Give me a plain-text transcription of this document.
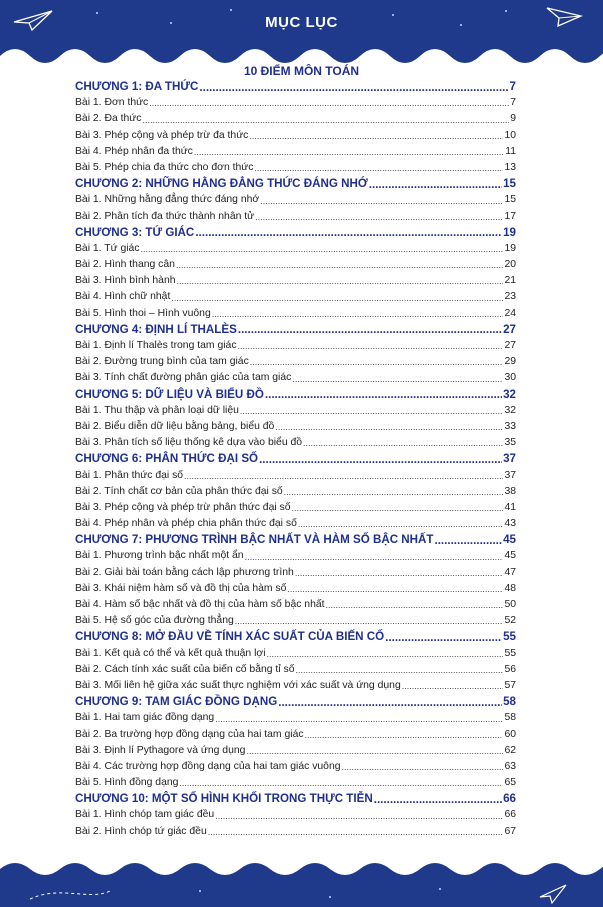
MỤC LỤC
10 ĐIỂM MÔN TOÁN
CHƯƠNG 1: ĐA THỨC .....	7
Bài 1. Đơn thức .....	7
Bài 2. Đa thức .....	9
Bài 3. Phép cộng và phép trừ đa thức .....	10
Bài 4. Phép nhân đa thức .....	11
Bài 5. Phép chia đa thức cho đơn thức .....	13
CHƯƠNG 2: NHỮNG HẰNG ĐẲNG THỨC ĐÁNG NHỚ .....	15
Bài 1. Những hằng đẳng thức đáng nhớ .....	15
Bài 2. Phân tích đa thức thành nhân tử .....	17
CHƯƠNG 3: TỨ GIÁC .....	19
Bài 1. Tứ giác .....	19
Bài 2. Hình thang cân .....	20
Bài 3. Hình bình hành .....	21
Bài 4. Hình chữ nhật .....	23
Bài 5. Hình thoi – Hình vuông .....	24
CHƯƠNG 4: ĐỊNH LÍ THALÈS .....	27
Bài 1. Định lí Thalès trong tam giác .....	27
Bài 2. Đường trung bình của tam giác .....	29
Bài 3. Tính chất đường phân giác của tam giác .....	30
CHƯƠNG 5: DỮ LIỆU VÀ BIỂU ĐỒ .....	32
Bài 1. Thu thập và phân loại dữ liệu .....	32
Bài 2. Biểu diễn dữ liệu bằng bảng, biểu đồ .....	33
Bài 3. Phân tích số liệu thống kê dựa vào biểu đồ .....	35
CHƯƠNG 6: PHÂN THỨC ĐẠI SỐ .....	37
Bài 1. Phân thức đại số .....	37
Bài 2. Tính chất cơ bản của phân thức đại số .....	38
Bài 3. Phép cộng và phép trừ phân thức đại số .....	41
Bài 4. Phép nhân và phép chia phân thức đại số .....	43
CHƯƠNG 7: PHƯƠNG TRÌNH BẬC NHẤT VÀ HÀM SỐ BẬC NHẤT .....	45
Bài 1. Phương trình bậc nhất một ẩn .....	45
Bài 2. Giải bài toán bằng cách lập phương trình .....	47
Bài 3. Khái niệm hàm số và đồ thị của hàm số .....	48
Bài 4. Hàm số bậc nhất và đồ thị của hàm số bậc nhất .....	50
Bài 5. Hệ số góc của đường thẳng .....	52
CHƯƠNG 8: MỞ ĐẦU VỀ TÍNH XÁC SUẤT CỦA BIẾN CỐ .....	55
Bài 1. Kết quả có thể và kết quả thuận lợi .....	55
Bài 2. Cách tính xác suất của biến cố bằng tỉ số .....	56
Bài 3. Mối liên hệ giữa xác suất thực nghiệm với xác suất và ứng dụng .....	57
CHƯƠNG 9: TAM GIÁC ĐỒNG DẠNG .....	58
Bài 1. Hai tam giác đồng dạng .....	58
Bài 2. Ba trường hợp đồng dạng của hai tam giác .....	60
Bài 3. Định lí Pythagore và ứng dụng .....	62
Bài 4. Các trường hợp đồng dạng của hai tam giác vuông .....	63
Bài 5. Hình đồng dạng .....	65
CHƯƠNG 10: MỘT SỐ HÌNH KHỐI TRONG THỰC TIỄN .....	66
Bài 1. Hình chóp tam giác đều .....	66
Bài 2. Hình chóp tứ giác đều .....	67
